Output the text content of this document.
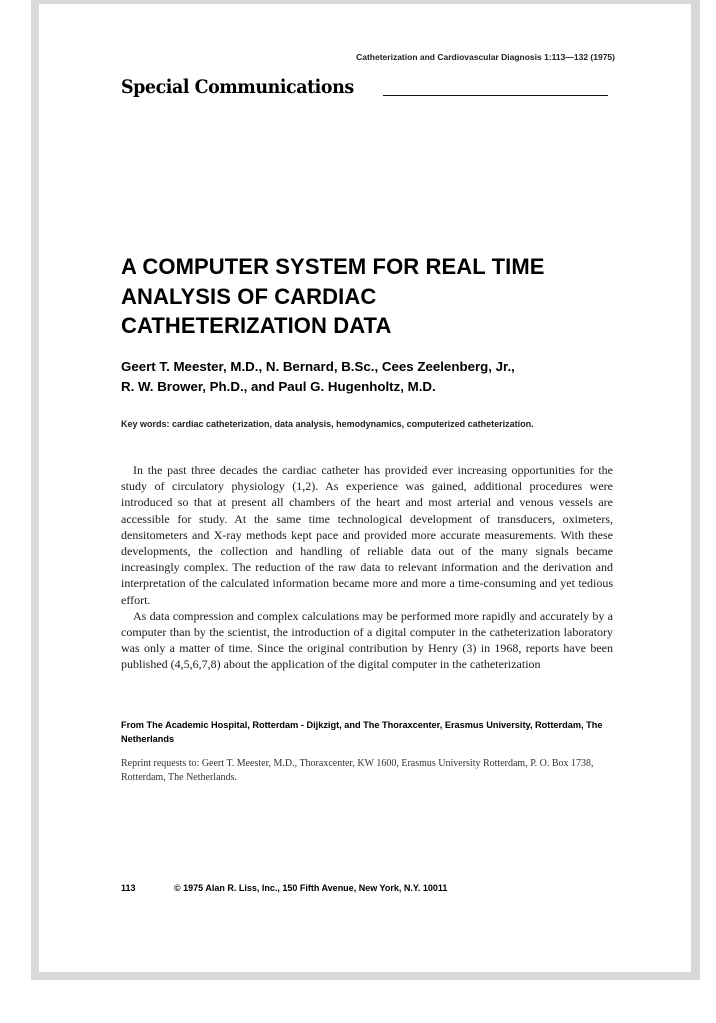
Catheterization and Cardiovascular Diagnosis 1:113—132 (1975)
Special Communications
A COMPUTER SYSTEM FOR REAL TIME
ANALYSIS OF CARDIAC
CATHETERIZATION DATA
Geert T. Meester, M.D., N. Bernard, B.Sc., Cees Zeelenberg, Jr.,
R. W. Brower, Ph.D., and Paul G. Hugenholtz, M.D.
Key words: cardiac catheterization, data analysis, hemodynamics, computerized catheterization.

In the past three decades the cardiac catheter has provided ever increasing opportunities for the study of circulatory physiology (1,2). As experience was gained, additional procedures were introduced so that at present all chambers of the heart and most arterial and venous vessels are accessible for study. At the same time technological development of transducers, oximeters, densitometers and X-ray methods kept pace and provided more accurate measurements. With these developments, the collection and handling of reliable data out of the many signals became increasingly complex. The reduction of the raw data to relevant information and the derivation and interpretation of the calculated information became more and more a time-consuming and yet tedious effort.

As data compression and complex calculations may be performed more rapidly and accurately by a computer than by the scientist, the introduction of a digital computer in the catheterization laboratory was only a matter of time. Since the original contribution by Henry (3) in 1968, reports have been published (4,5,6,7,8) about the application of the digital computer in the catheterization

From The Academic Hospital, Rotterdam - Dijkzigt, and The Thoraxcenter, Erasmus University, Rotterdam, The Netherlands
Reprint requests to: Geert T. Meester, M.D., Thoraxcenter, KW 1600, Erasmus University Rotterdam, P. O. Box 1738, Rotterdam, The Netherlands.
113	© 1975 Alan R. Liss, Inc., 150 Fifth Avenue, New York, N.Y. 10011
